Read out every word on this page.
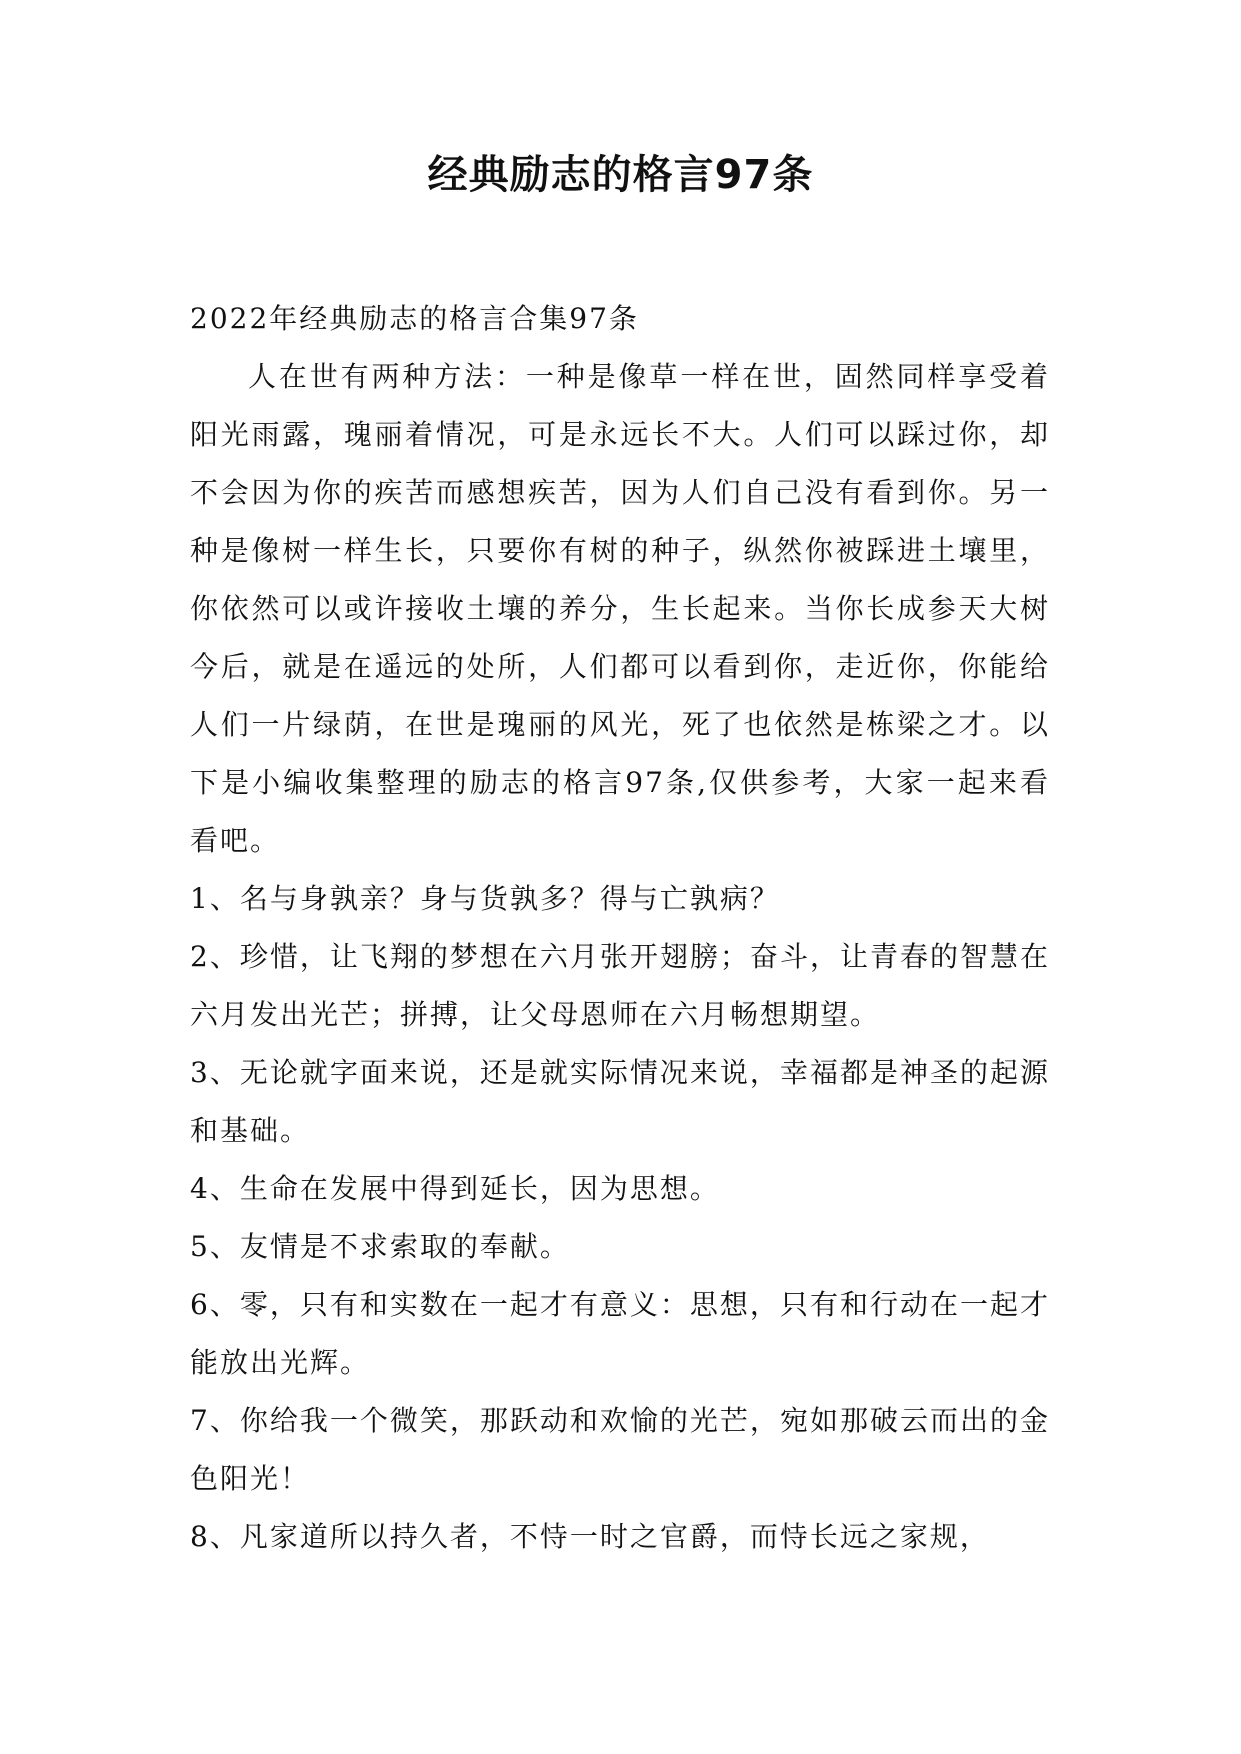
经典励志的格言97条

2022年经典励志的格言合集97条

人在世有两种方法：一种是像草一样在世，固然同样享受着阳光雨露，瑰丽着情况，可是永远长不大。人们可以踩过你，却不会因为你的疾苦而感想疾苦，因为人们自己没有看到你。另一种是像树一样生长，只要你有树的种子，纵然你被踩进土壤里，你依然可以或许接收土壤的养分，生长起来。当你长成参天大树今后，就是在遥远的处所，人们都可以看到你，走近你，你能给人们一片绿荫，在世是瑰丽的风光，死了也依然是栋梁之才。以下是小编收集整理的励志的格言97条,仅供参考，大家一起来看看吧。

1、名与身孰亲？身与货孰多？得与亡孰病？

2、珍惜，让飞翔的梦想在六月张开翅膀；奋斗，让青春的智慧在六月发出光芒；拼搏，让父母恩师在六月畅想期望。

3、无论就字面来说，还是就实际情况来说，幸福都是神圣的起源和基础。

4、生命在发展中得到延长，因为思想。

5、友情是不求索取的奉献。

6、零，只有和实数在一起才有意义：思想，只有和行动在一起才能放出光辉。

7、你给我一个微笑，那跃动和欢愉的光芒，宛如那破云而出的金色阳光！

8、凡家道所以持久者，不恃一时之官爵，而恃长远之家规，
